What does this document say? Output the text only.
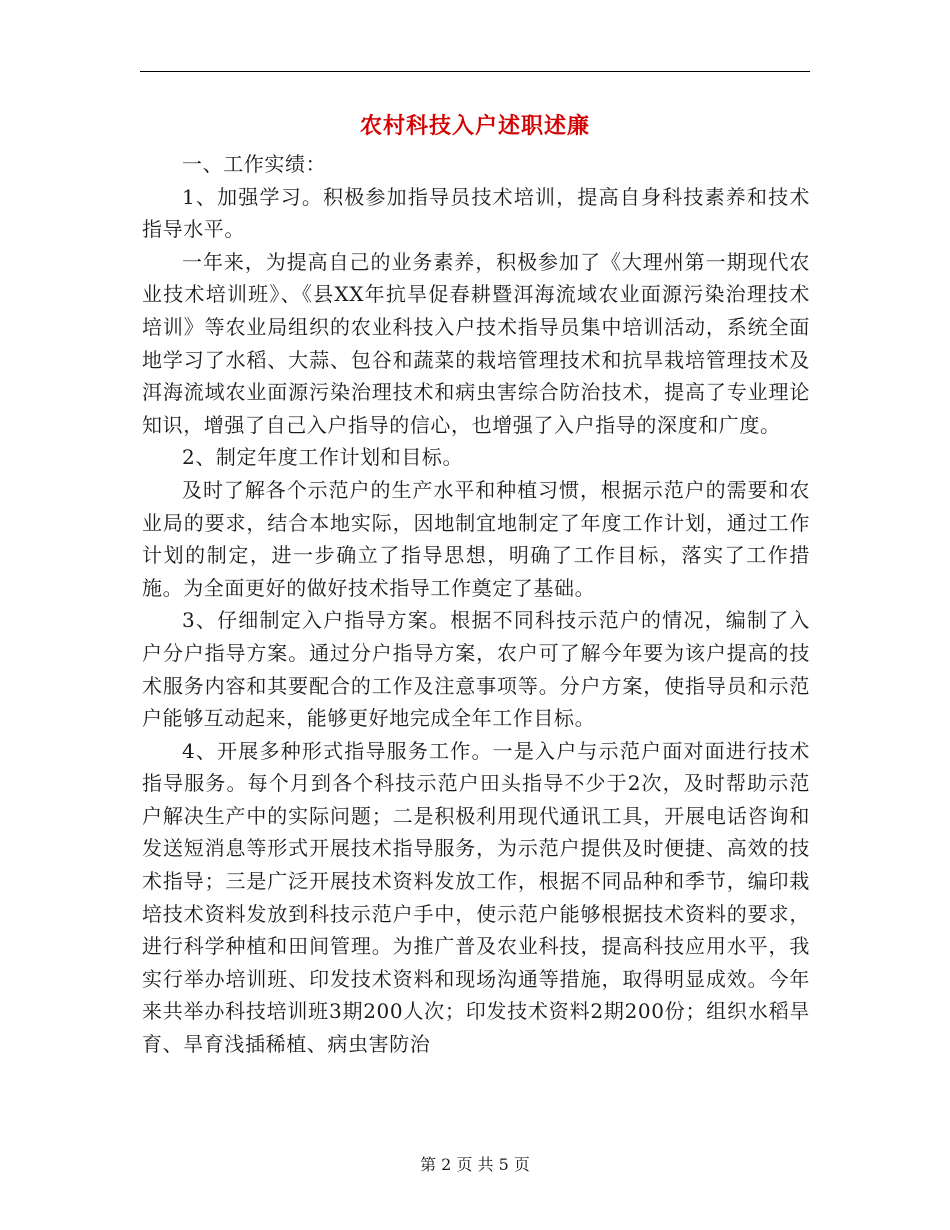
农村科技入户述职述廉

一、工作实绩：

1、加强学习。积极参加指导员技术培训，提高自身科技素养和技术指导水平。

一年来，为提高自己的业务素养，积极参加了《大理州第一期现代农业技术培训班》、《县XX年抗旱促春耕暨洱海流域农业面源污染治理技术培训》等农业局组织的农业科技入户技术指导员集中培训活动，系统全面地学习了水稻、大蒜、包谷和蔬菜的栽培管理技术和抗旱栽培管理技术及洱海流域农业面源污染治理技术和病虫害综合防治技术，提高了专业理论知识，增强了自己入户指导的信心，也增强了入户指导的深度和广度。

2、制定年度工作计划和目标。

及时了解各个示范户的生产水平和种植习惯，根据示范户的需要和农业局的要求，结合本地实际，因地制宜地制定了年度工作计划，通过工作计划的制定，进一步确立了指导思想，明确了工作目标，落实了工作措施。为全面更好的做好技术指导工作奠定了基础。

3、仔细制定入户指导方案。根据不同科技示范户的情况，编制了入户分户指导方案。通过分户指导方案，农户可了解今年要为该户提高的技术服务内容和其要配合的工作及注意事项等。分户方案，使指导员和示范户能够互动起来，能够更好地完成全年工作目标。

4、开展多种形式指导服务工作。一是入户与示范户面对面进行技术指导服务。每个月到各个科技示范户田头指导不少于2次，及时帮助示范户解决生产中的实际问题；二是积极利用现代通讯工具，开展电话咨询和发送短消息等形式开展技术指导服务，为示范户提供及时便捷、高效的技术指导；三是广泛开展技术资料发放工作，根据不同品种和季节，编印栽培技术资料发放到科技示范户手中，使示范户能够根据技术资料的要求，进行科学种植和田间管理。为推广普及农业科技，提高科技应用水平，我实行举办培训班、印发技术资料和现场沟通等措施，取得明显成效。今年来共举办科技培训班3期200人次；印发技术资料2期200份；组织水稻旱育、旱育浅插稀植、病虫害防治

第 2 页 共 5 页
